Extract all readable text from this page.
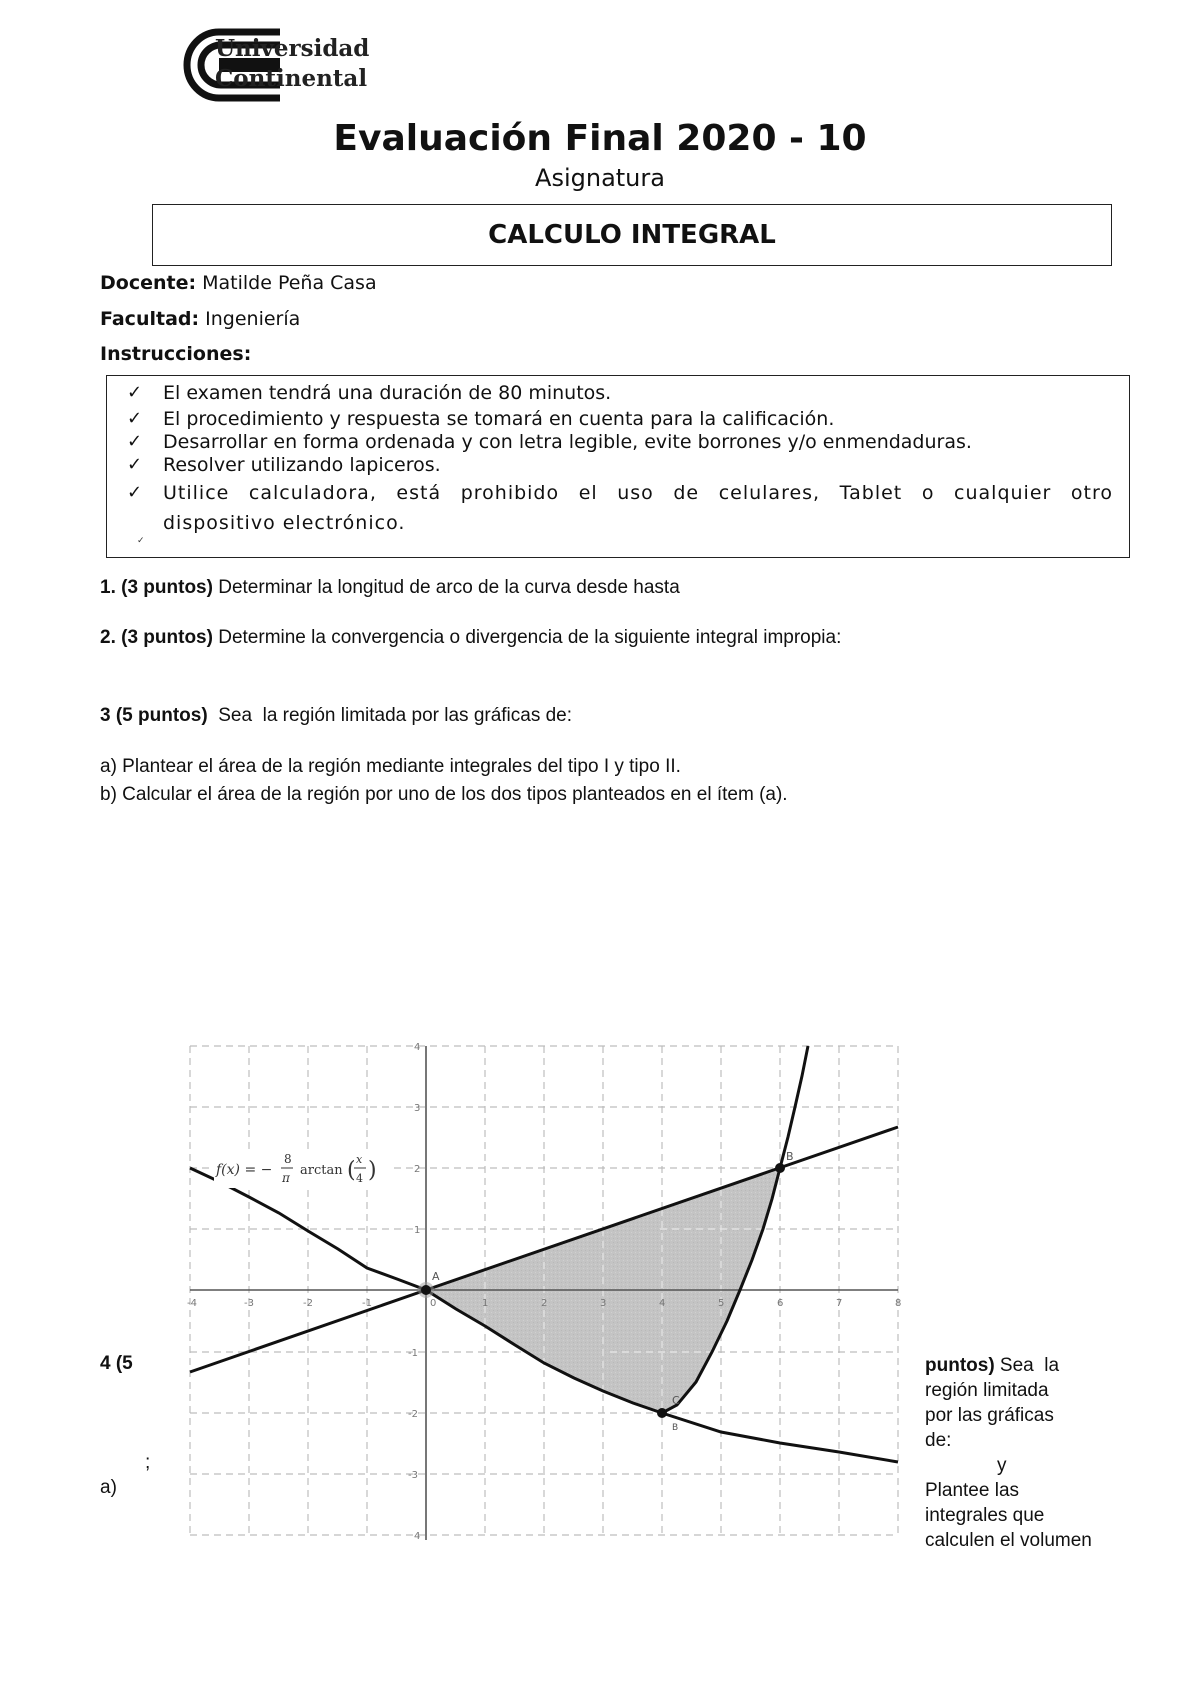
Universidad
Continental
Evaluación Final 2020 - 10
Asignatura
CALCULO INTEGRAL
Docente: Matilde Peña Casa
Facultad: Ingeniería
Instrucciones:
✓	El examen tendrá una duración de 80 minutos.
✓	El procedimiento y respuesta se tomará en cuenta para la calificación.
✓	Desarrollar en forma ordenada y con letra legible, evite borrones y/o enmendaduras.
✓	Resolver utilizando lapiceros.
✓	Utilice calculadora, está prohibido el uso de celulares, Tablet o cualquier otro
dispositivo electrónico.
✓
1. (3 puntos) Determinar la longitud de arco de la curva desde hasta
2. (3 puntos) Determine la convergencia o divergencia de la siguiente integral impropia:
3 (5 puntos)  Sea  la región limitada por las gráficas de:
a) Plantear el área de la región mediante integrales del tipo I y tipo II.
b) Calcular el área de la región por uno de los dos tipos planteados en el ítem (a).
-4	-3	-2	-1	0	1	2	3	4	5	6	7	8
4
3
2
1
-1
-2
-3
4
A
B
C
B
f(x) = −
8
π arctan ( x
4 )
4 (5	puntos) Sea  la
región limitada
por las gráficas
de:
y
Plantee las
integrales que
calculen el volumen
;
a)
